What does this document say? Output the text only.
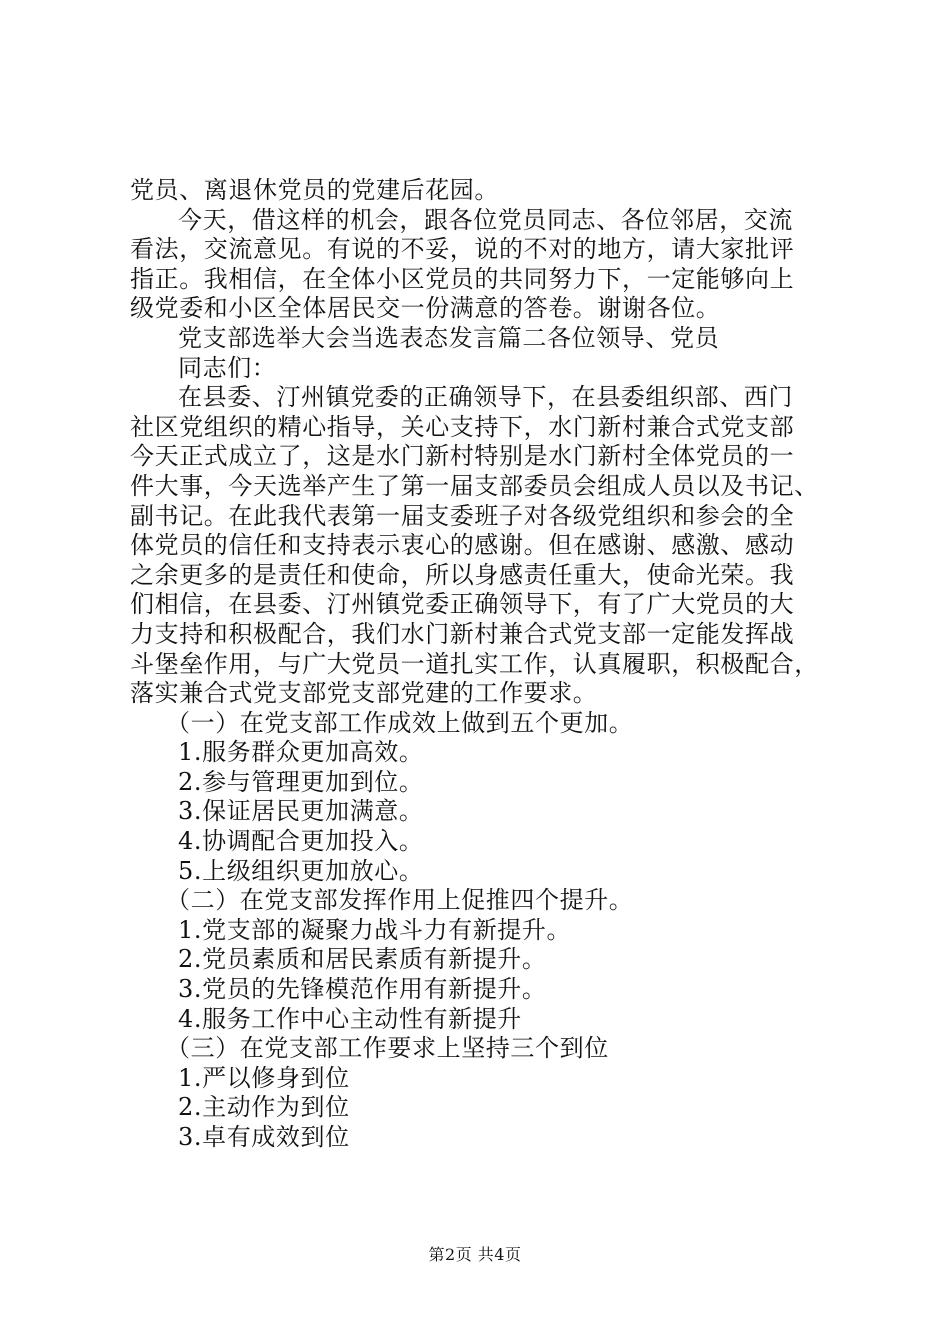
党员、离退休党员的党建后花园。
今天，借这样的机会，跟各位党员同志、各位邻居，交流
看法，交流意见。有说的不妥，说的不对的地方，请大家批评
指正。我相信，在全体小区党员的共同努力下，一定能够向上
级党委和小区全体居民交一份满意的答卷。谢谢各位。
党支部选举大会当选表态发言篇二各位领导、党员
同志们：
在县委、汀州镇党委的正确领导下，在县委组织部、西门
社区党组织的精心指导，关心支持下，水门新村兼合式党支部
今天正式成立了，这是水门新村特别是水门新村全体党员的一
件大事，今天选举产生了第一届支部委员会组成人员以及书记、
副书记。在此我代表第一届支委班子对各级党组织和参会的全
体党员的信任和支持表示衷心的感谢。但在感谢、感激、感动
之余更多的是责任和使命，所以身感责任重大，使命光荣。我
们相信，在县委、汀州镇党委正确领导下，有了广大党员的大
力支持和积极配合，我们水门新村兼合式党支部一定能发挥战
斗堡垒作用，与广大党员一道扎实工作，认真履职，积极配合，
落实兼合式党支部党支部党建的工作要求。
（一）在党支部工作成效上做到五个更加。
1.服务群众更加高效。
2.参与管理更加到位。
3.保证居民更加满意。
4.协调配合更加投入。
5.上级组织更加放心。
（二）在党支部发挥作用上促推四个提升。
1.党支部的凝聚力战斗力有新提升。
2.党员素质和居民素质有新提升。
3.党员的先锋模范作用有新提升。
4.服务工作中心主动性有新提升
（三）在党支部工作要求上坚持三个到位
1.严以修身到位
2.主动作为到位
3.卓有成效到位
第2页 共4页
